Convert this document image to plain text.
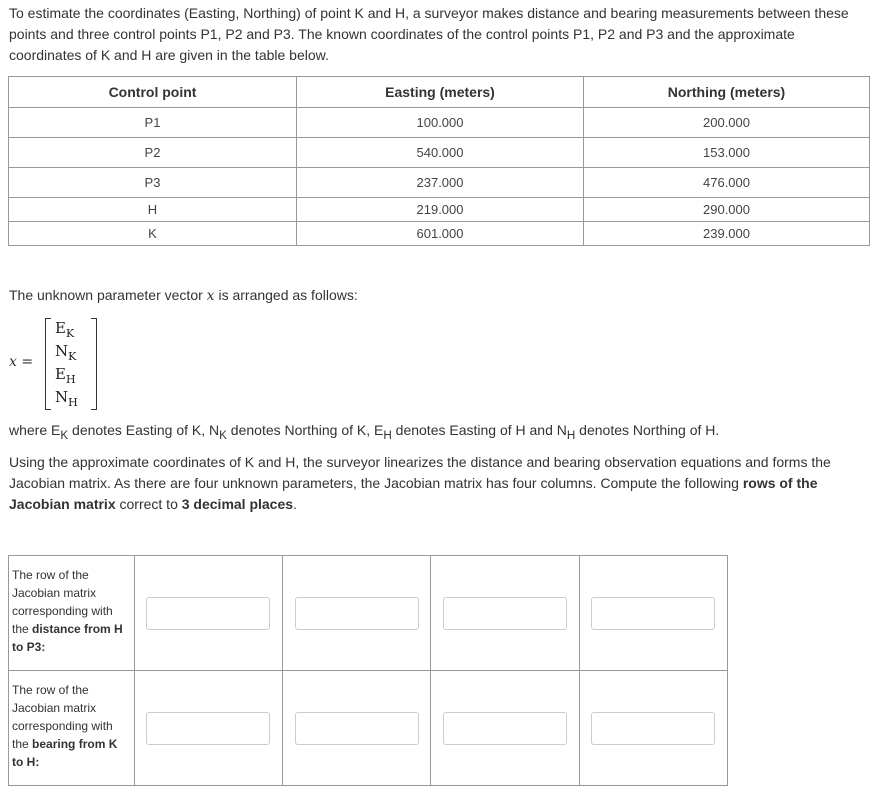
To estimate the coordinates (Easting, Northing) of point K and H, a surveyor makes distance and bearing measurements between these points and three control points P1, P2 and P3. The known coordinates of the control points P1, P2 and P3 and the approximate coordinates of K and H are given in the table below.

Control point	Easting (meters)	Northing (meters)
P1	100.000	200.000
P2	540.000	153.000
P3	237.000	476.000
H	219.000	290.000
K	601.000	239.000

The unknown parameter vector x is arranged as follows:

x =
$E_K$
$N_K$
$E_H$
$N_H$

where $E_K$ denotes Easting of K, $N_K$ denotes Northing of K, $E_H$ denotes Easting of H and $N_H$ denotes Northing of H.

Using the approximate coordinates of K and H, the surveyor linearizes the distance and bearing observation equations and forms the Jacobian matrix. As there are four unknown parameters, the Jacobian matrix has four columns. Compute the following rows of the Jacobian matrix correct to 3 decimal places.

The row of the Jacobian matrix corresponding with the distance from H to P3:				
The row of the Jacobian matrix corresponding with the bearing from K to H:				
